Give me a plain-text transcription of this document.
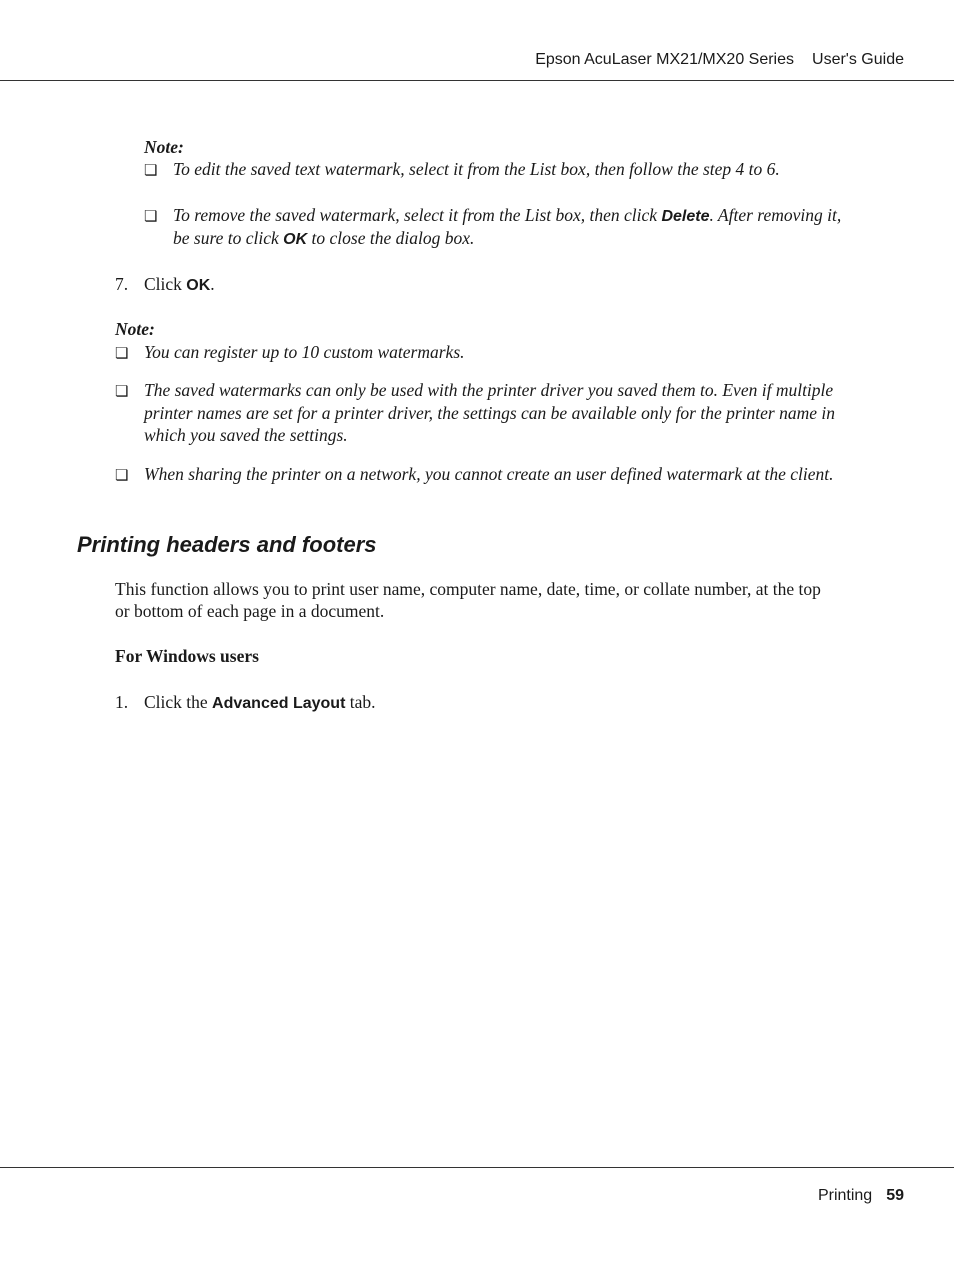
Epson AcuLaser MX21/MX20 Series User's Guide
Note:
❏ To edit the saved text watermark, select it from the List box, then follow the step 4 to 6.
❏ To remove the saved watermark, select it from the List box, then click Delete. After removing it,
be sure to click OK to close the dialog box.
7. Click OK.
Note:
❏ You can register up to 10 custom watermarks.
❏ The saved watermarks can only be used with the printer driver you saved them to. Even if multiple
printer names are set for a printer driver, the settings can be available only for the printer name in
which you saved the settings.
❏ When sharing the printer on a network, you cannot create an user defined watermark at the client.
Printing headers and footers
This function allows you to print user name, computer name, date, time, or collate number, at the top
or bottom of each page in a document.
For Windows users
1. Click the Advanced Layout tab.
Printing 59
